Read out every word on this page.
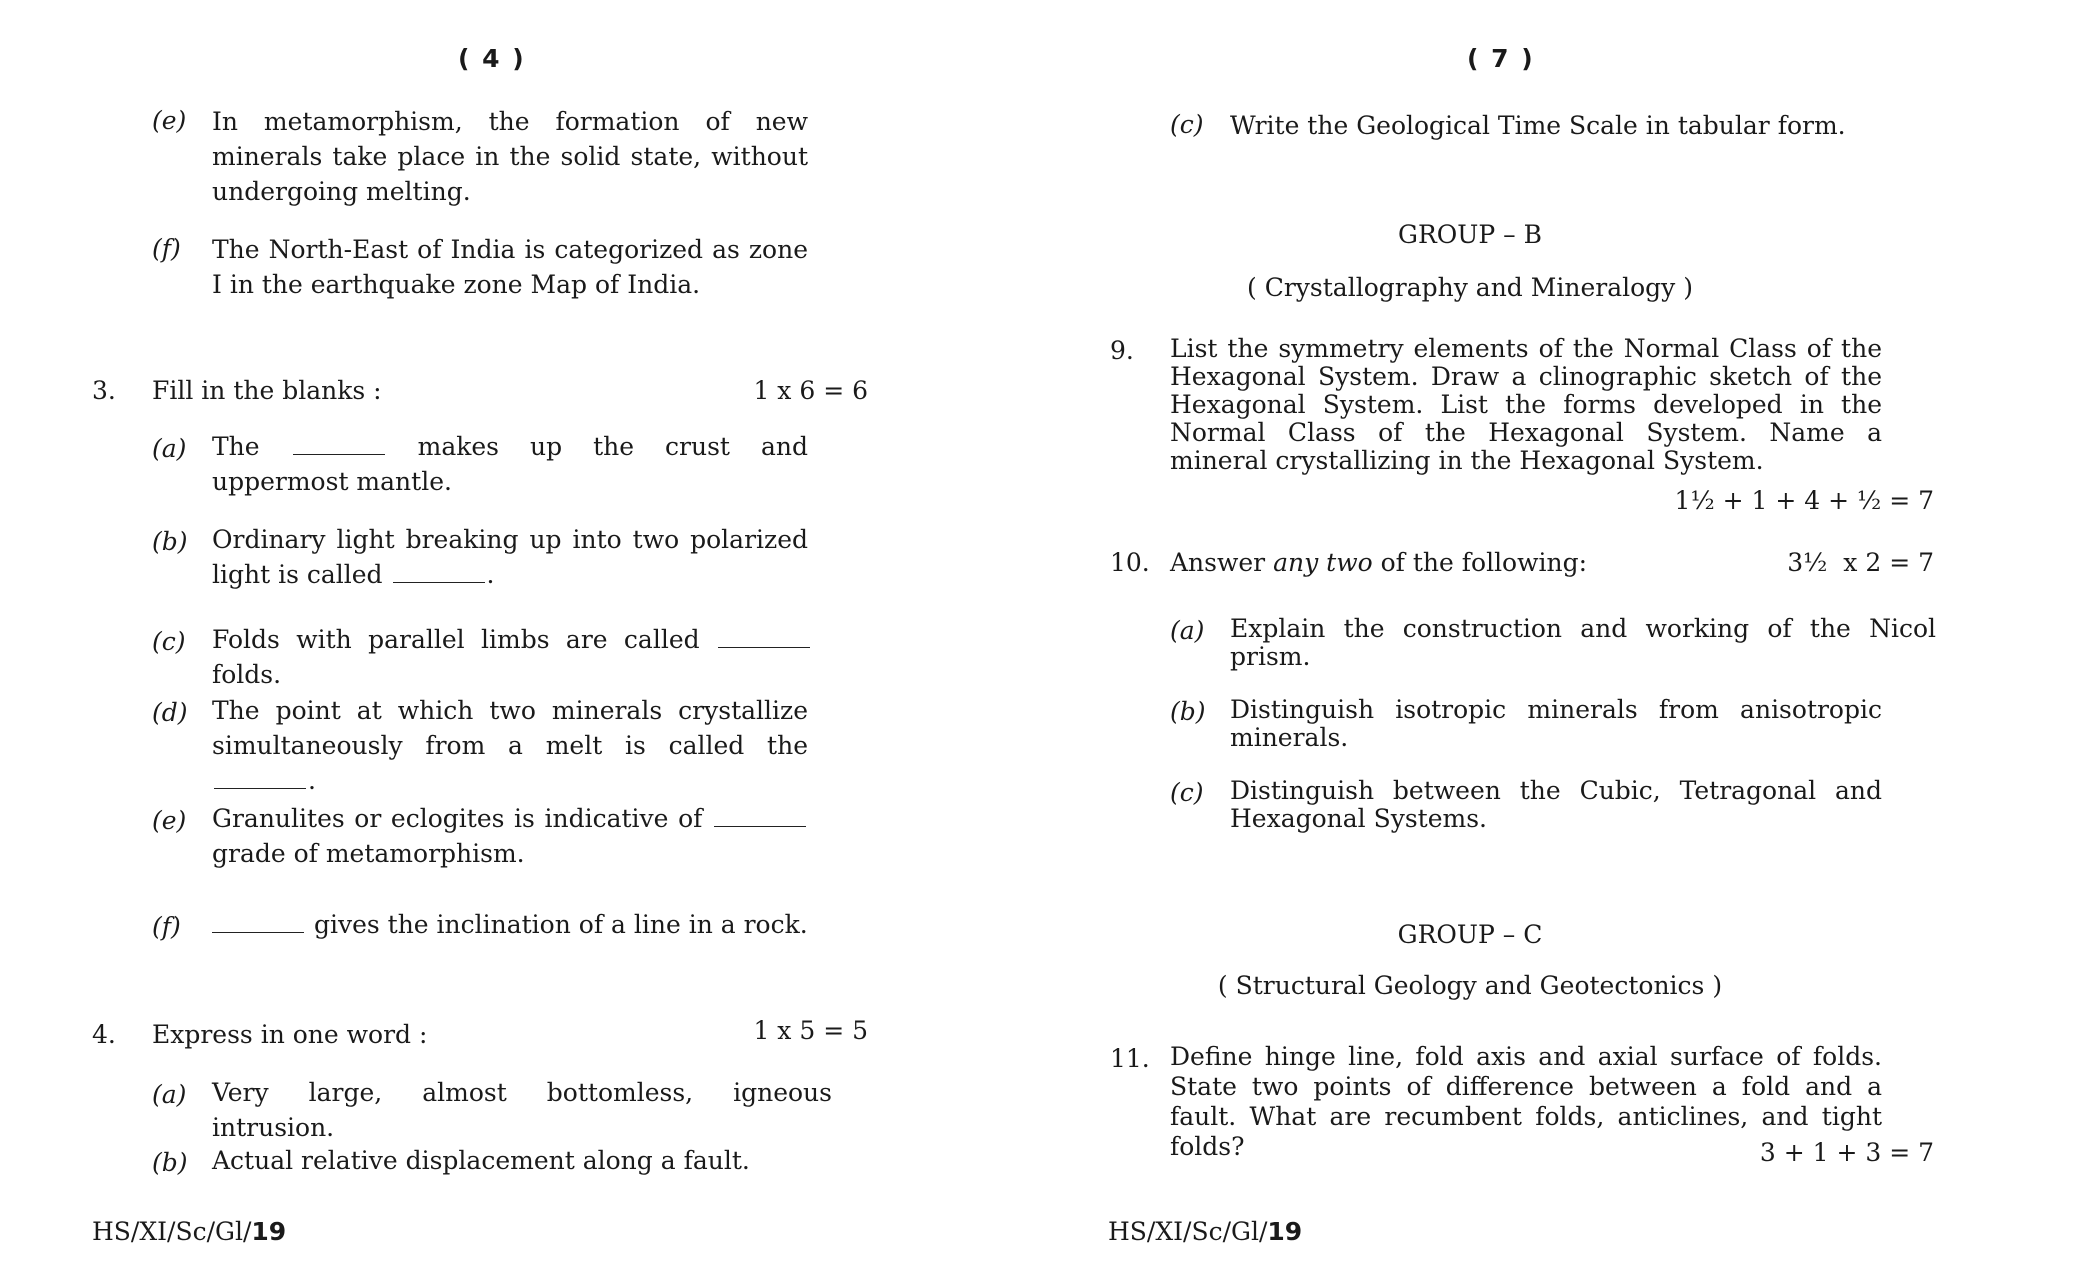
( 4 )
(e) In metamorphism, the formation of new minerals take place in the solid state, without undergoing melting.
(f) The North-East of India is categorized as zone I in the earthquake zone Map of India.
3. Fill in the blanks :	1 x 6 = 6
(a) The	makes up the crust and uppermost mantle.
(b) Ordinary light breaking up into two polarized light is called	.
(c) Folds with parallel limbs are called  folds.
(d) The point at which two minerals crystallize simultaneously from a melt is called the .
(e) Granulites or eclogites is indicative of  grade of metamorphism.
(f)	gives the inclination of a line in a rock.
4. Express in one word :	1 x 5 = 5
(a) Very large, almost bottomless, igneous intrusion.
(b) Actual relative displacement along a fault.
HS/XI/Sc/Gl/19
( 7 )
(c) Write the Geological Time Scale in tabular form.
GROUP – B
( Crystallography and Mineralogy )
9. List the symmetry elements of the Normal Class of the Hexagonal System. Draw a clinographic sketch of the Hexagonal System. List the forms developed in the Normal Class of the Hexagonal System. Name a mineral crystallizing in the Hexagonal System.
1½ + 1 + 4 + ½ = 7
10. Answer any two of the following:	3½  x 2 = 7
(a) Explain the construction and working of the Nicol prism.
(b) Distinguish isotropic minerals from anisotropic minerals.
(c) Distinguish between the Cubic, Tetragonal and Hexagonal Systems.
GROUP – C
( Structural Geology and Geotectonics )
11. Define hinge line, fold axis and axial surface of folds. State two points of difference between a fold and a fault. What are recumbent folds, anticlines, and tight folds?	3 + 1 + 3 = 7
HS/XI/Sc/Gl/19
